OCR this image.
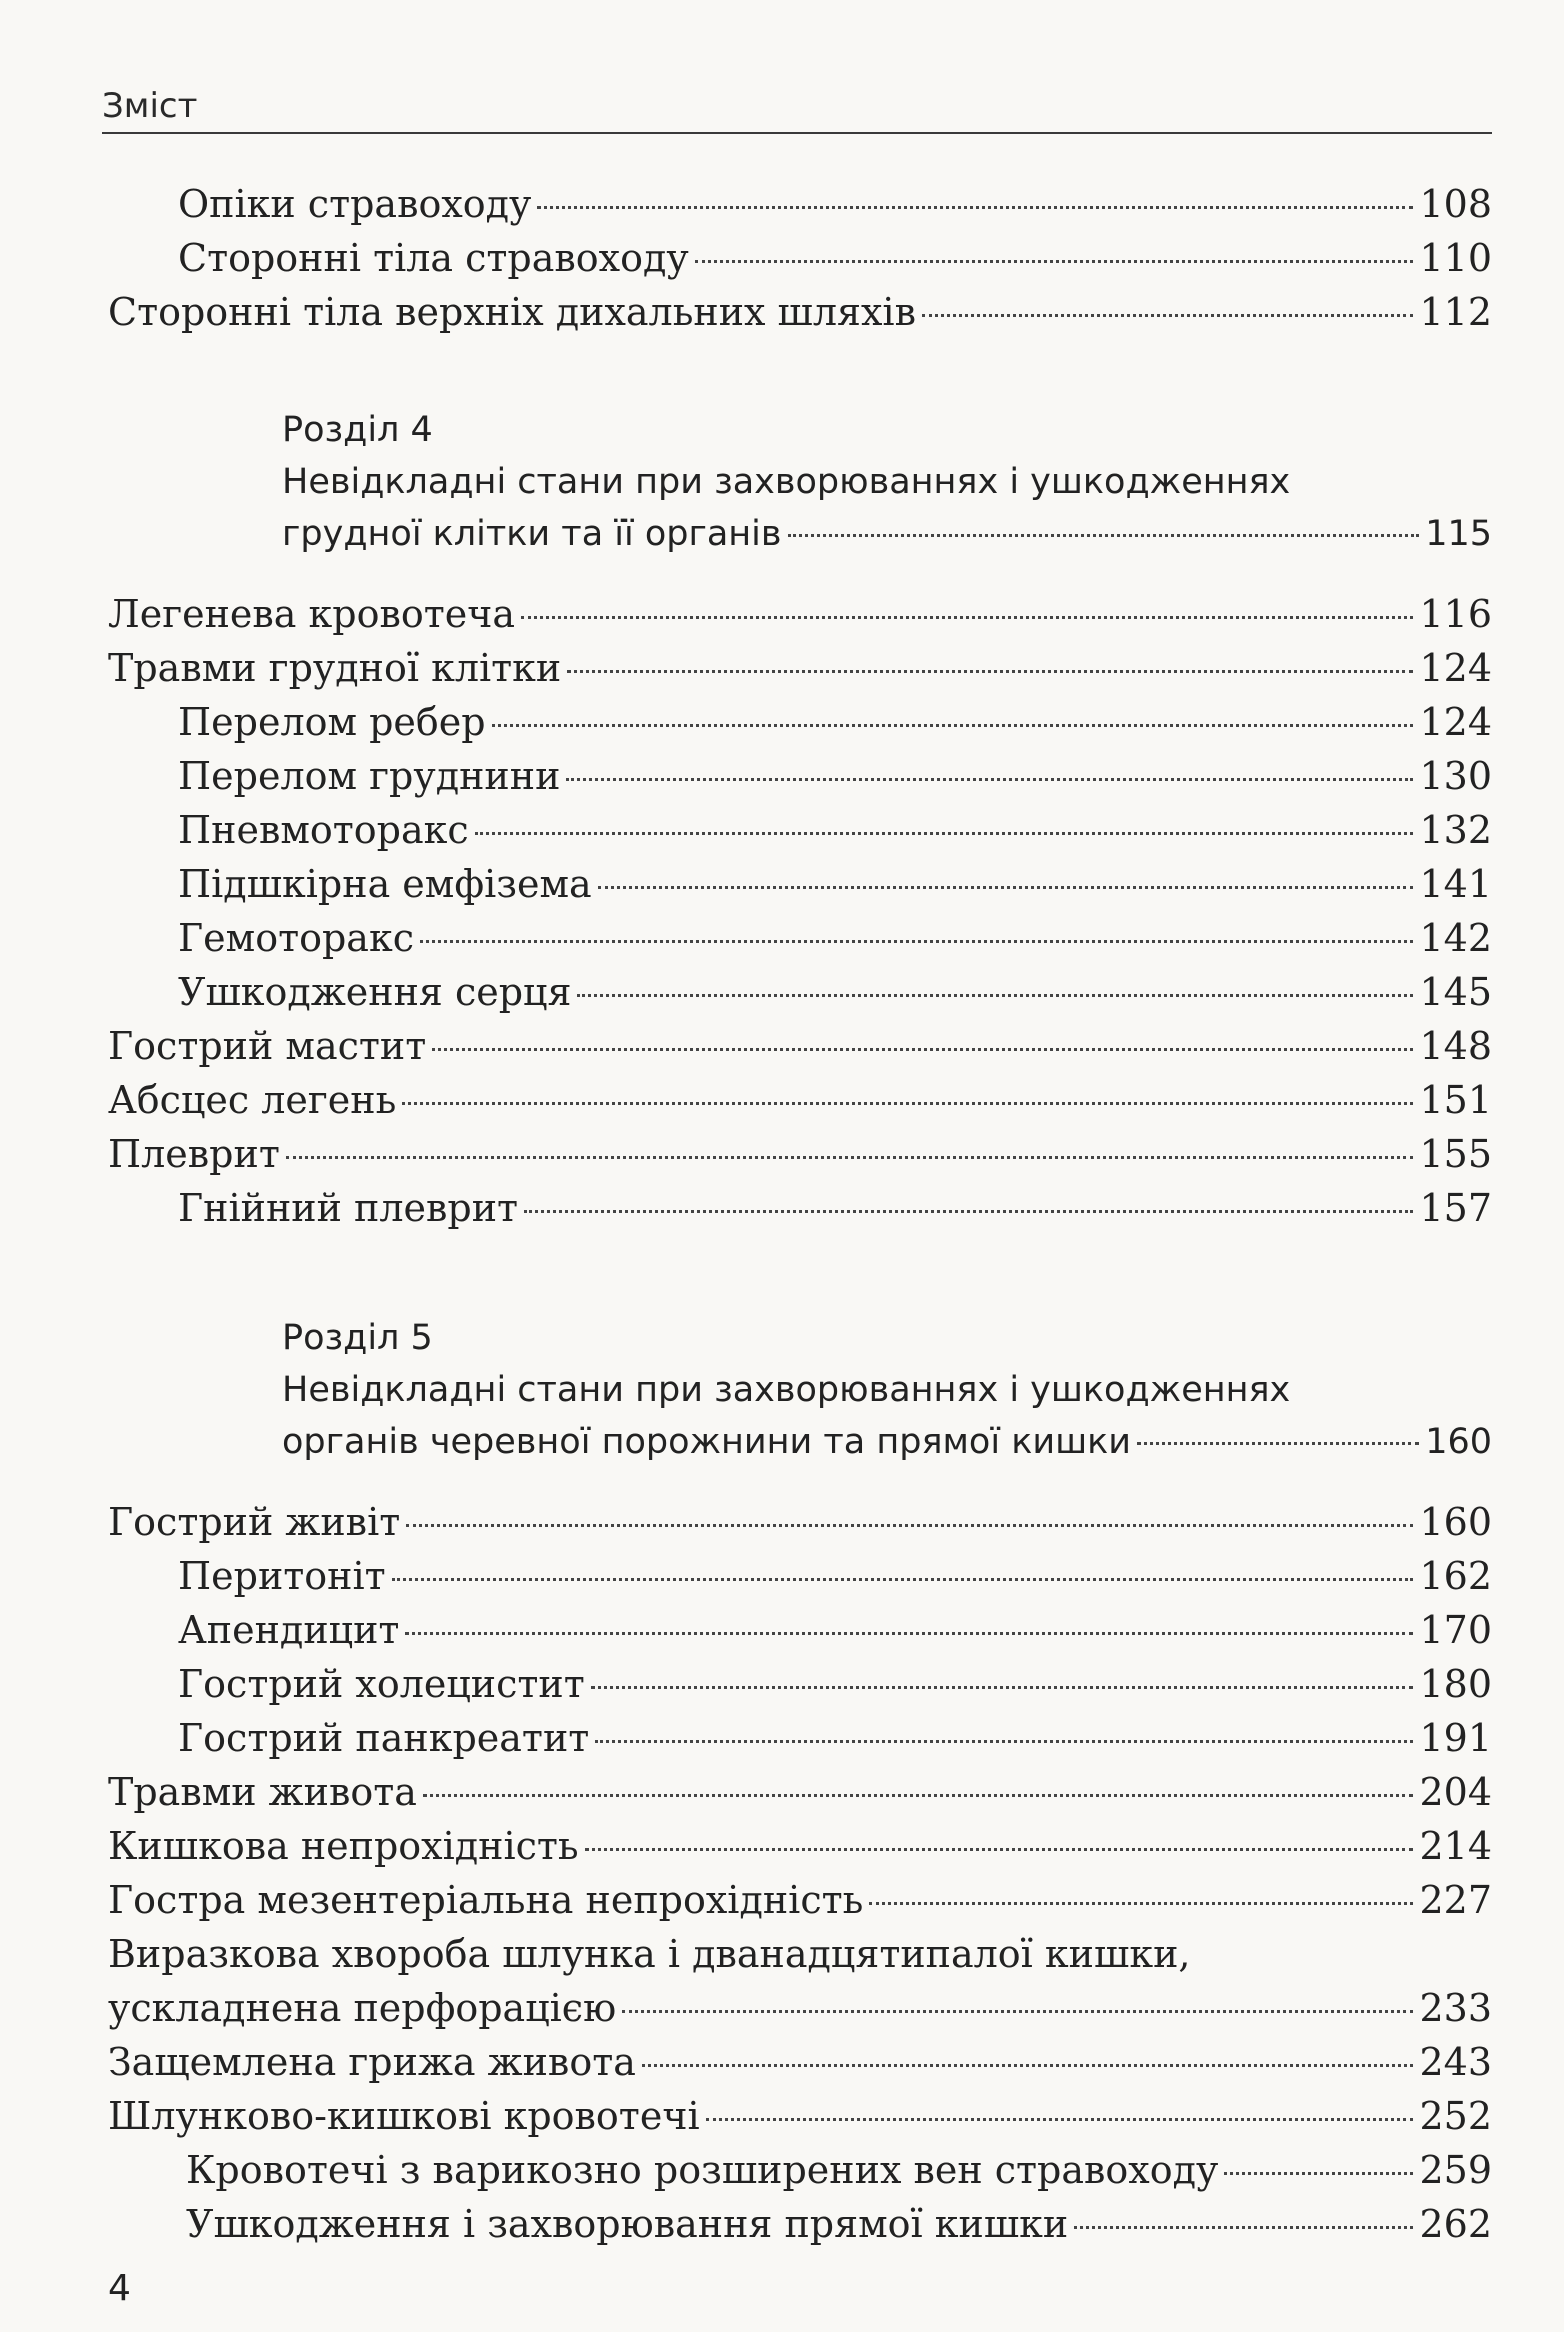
Зміст
Опіки стравоходу	108
Сторонні тіла стравоходу	110
Сторонні тіла верхніх дихальних шляхів	112
Розділ 4
Невідкладні стани при захворюваннях і ушкодженнях
грудної клітки та її органів	115
Легенева кровотеча	116
Травми грудної клітки	124
Перелом ребер	124
Перелом груднини	130
Пневмоторакс	132
Підшкірна емфізема	141
Гемоторакс	142
Ушкодження серця	145
Гострий мастит	148
Абсцес легень	151
Плеврит	155
Гнійний плеврит	157
Розділ 5
Невідкладні стани при захворюваннях і ушкодженнях
органів черевної порожнини та прямої кишки	160
Гострий живіт	160
Перитоніт	162
Апендицит	170
Гострий холецистит	180
Гострий панкреатит	191
Травми живота	204
Кишкова непрохідність	214
Гостра мезентеріальна непрохідність	227
Виразкова хвороба шлунка і дванадцятипалої кишки,
ускладнена перфорацією	233
Защемлена грижа живота	243
Шлунково-кишкові кровотечі	252
Кровотечі з варикозно розширених вен стравоходу	259
Ушкодження і захворювання прямої кишки	262
4
